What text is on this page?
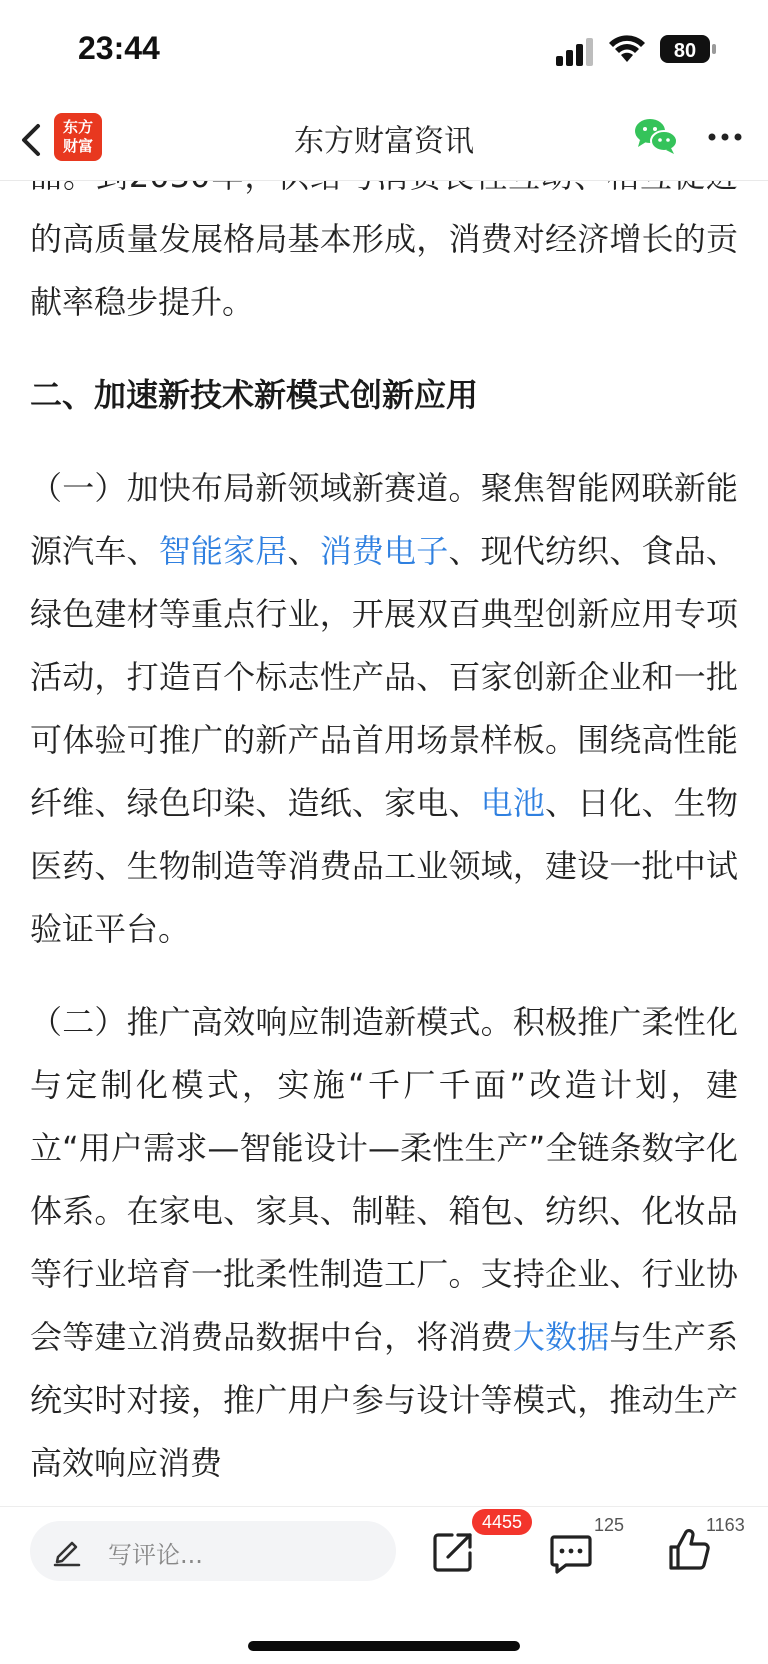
23:44	80
东方
财富	东方财富资讯

的高质量发展格局基本形成，消费对经济增长的贡献率稳步提升。

二、加速新技术新模式创新应用

（一）加快布局新领域新赛道。聚焦智能网联新能源汽车、智能家居、消费电子、现代纺织、食品、绿色建材等重点行业，开展双百典型创新应用专项活动，打造百个标志性产品、百家创新企业和一批可体验可推广的新产品首用场景样板。围绕高性能纤维、绿色印染、造纸、家电、电池、日化、生物医药、生物制造等消费品工业领域，建设一批中试验证平台。

（二）推广高效响应制造新模式。积极推广柔性化与定制化模式，实施“千厂千面”改造计划，建立“用户需求—智能设计—柔性生产”全链条数字化体系。在家电、家具、制鞋、箱包、纺织、化妆品等行业培育一批柔性制造工厂。支持企业、行业协会等建立消费品数据中台，将消费大数据与生产系统实时对接，推广用户参与设计等模式，推动生产高效响应消费

写评论...
4455	125	1163
